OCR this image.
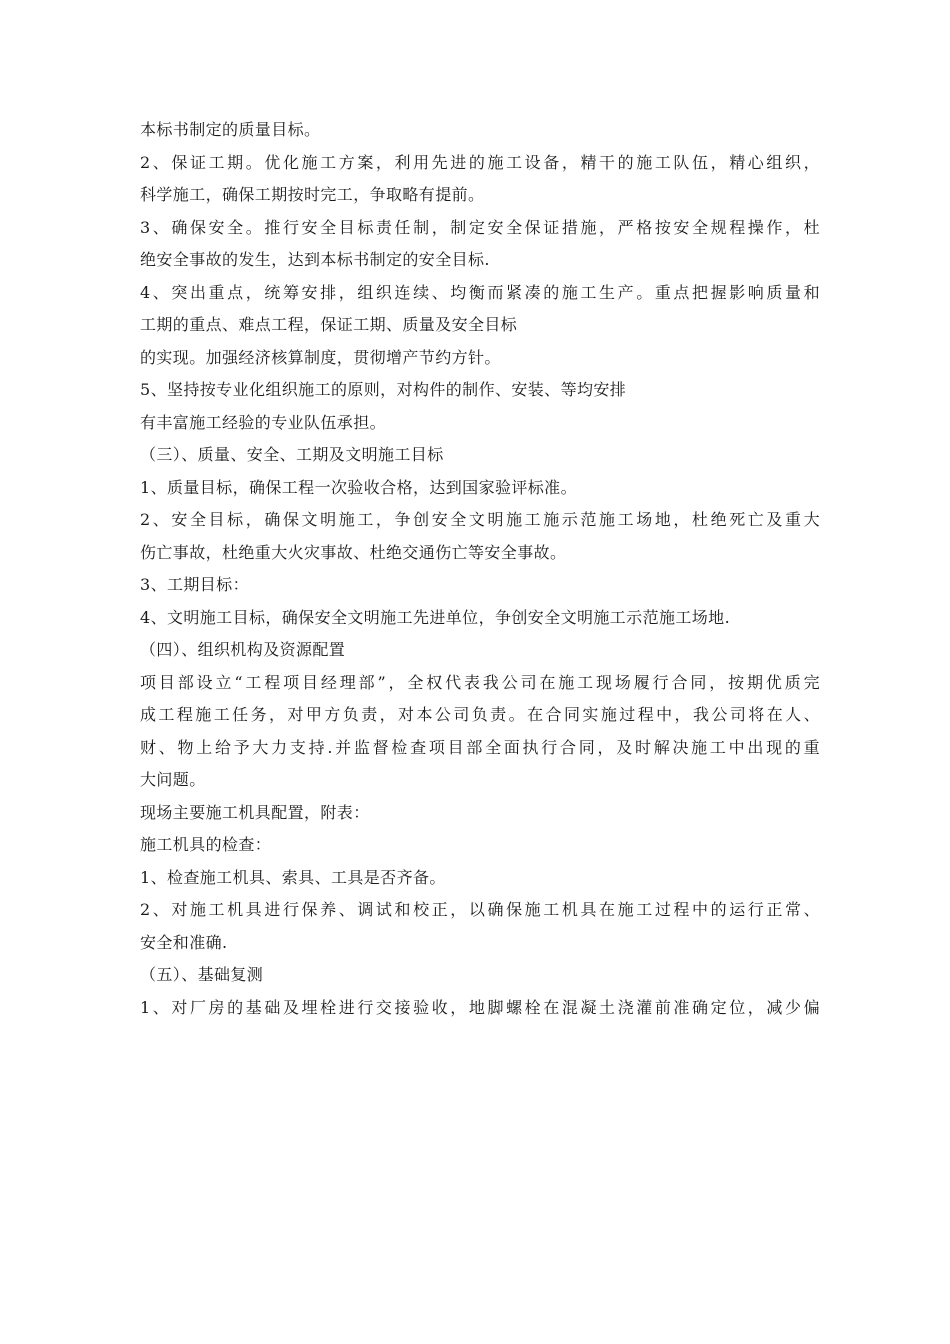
本标书制定的质量目标。
2、保证工期。优化施工方案，利用先进的施工设备，精干的施工队伍，精心组织，
科学施工，确保工期按时完工，争取略有提前。
3、确保安全。推行安全目标责任制，制定安全保证措施，严格按安全规程操作，杜
绝安全事故的发生，达到本标书制定的安全目标.
4、突出重点，统筹安排，组织连续、均衡而紧凑的施工生产。重点把握影响质量和
工期的重点、难点工程，保证工期、质量及安全目标
的实现。加强经济核算制度，贯彻增产节约方针。
5、坚持按专业化组织施工的原则，对构件的制作、安装、等均安排
有丰富施工经验的专业队伍承担。
（三）、质量、安全、工期及文明施工目标
1、质量目标，确保工程一次验收合格，达到国家验评标准。
2、安全目标，确保文明施工，争创安全文明施工施示范施工场地，杜绝死亡及重大
伤亡事故，杜绝重大火灾事故、杜绝交通伤亡等安全事故。
3、工期目标：
4、文明施工目标，确保安全文明施工先进单位，争创安全文明施工示范施工场地.
（四）、组织机构及资源配置
项目部设立“工程项目经理部”，全权代表我公司在施工现场履行合同，按期优质完
成工程施工任务，对甲方负责，对本公司负责。在合同实施过程中，我公司将在人、
财、物上给予大力支持.并监督检查项目部全面执行合同，及时解决施工中出现的重
大问题。
现场主要施工机具配置，附表：
施工机具的检查：
1、检查施工机具、索具、工具是否齐备。
2、对施工机具进行保养、调试和校正，以确保施工机具在施工过程中的运行正常、
安全和准确.
（五）、基础复测
1、对厂房的基础及埋栓进行交接验收，地脚螺栓在混凝土浇灌前准确定位，减少偏
